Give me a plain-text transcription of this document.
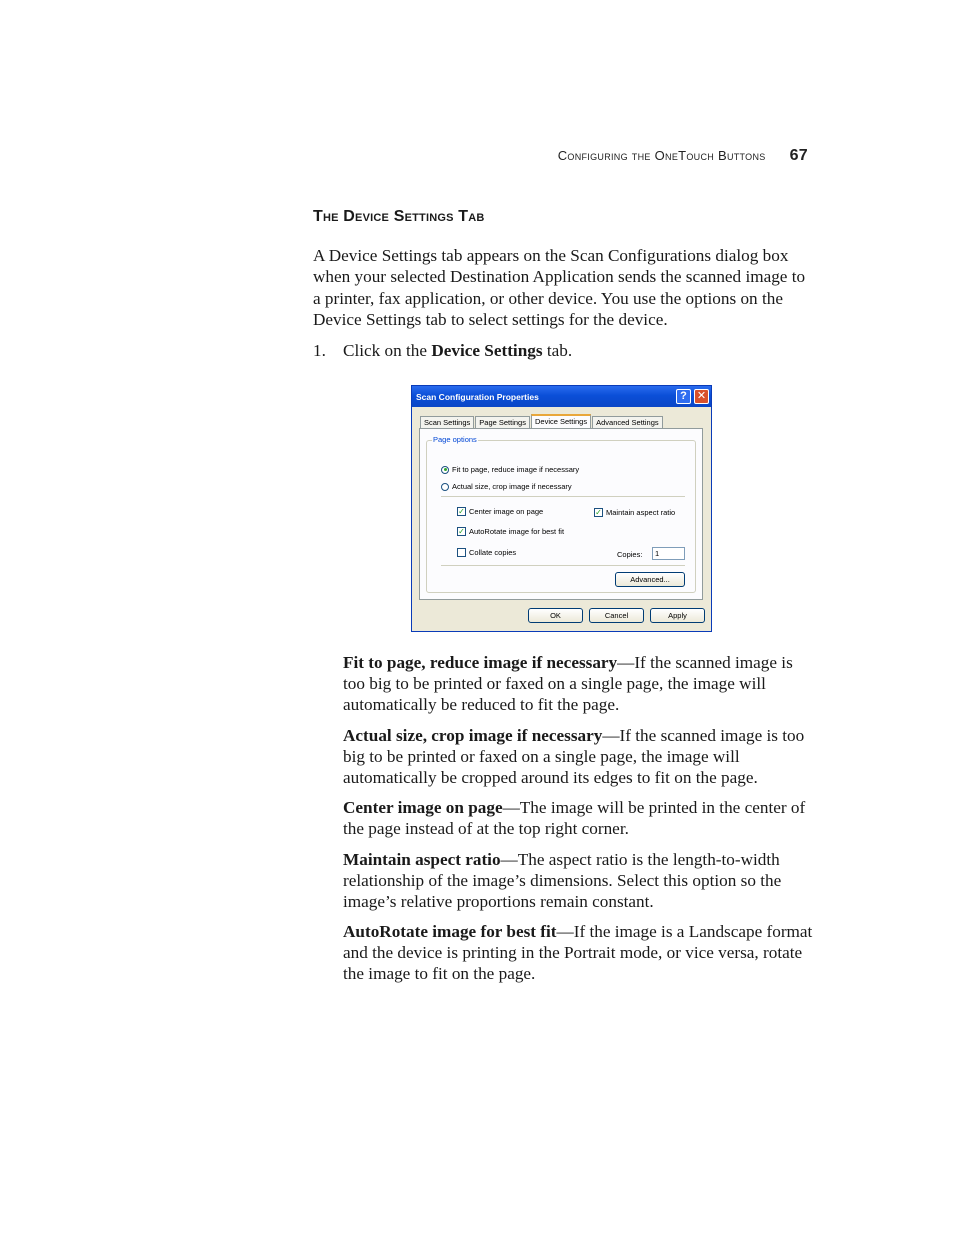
Configuring the OneTouch Buttons 67
The Device Settings Tab

A Device Settings tab appears on the Scan Configurations dialog box when your selected Destination Application sends the scanned image to a printer, fax application, or other device. You use the options on the Device Settings tab to select settings for the device.

1. Click on the Device Settings tab.
Scan Configuration Properties	? ✕
Scan Settings	Page Settings	Device Settings	Advanced Settings
Page options
Fit to page, reduce image if necessary
Actual size, crop image if necessary
✓ Center image on page	✓ Maintain aspect ratio
✓ AutoRotate image for best fit
Collate copies	Copies:	1
Advanced...
OK	Cancel	Apply

Fit to page, reduce image if necessary—If the scanned image is too big to be printed or faxed on a single page, the image will automatically be reduced to fit the page.

Actual size, crop image if necessary—If the scanned image is too big to be printed or faxed on a single page, the image will automatically be cropped around its edges to fit on the page.

Center image on page—The image will be printed in the center of the page instead of at the top right corner.

Maintain aspect ratio—The aspect ratio is the length-to-width relationship of the image’s dimensions. Select this option so the image’s relative proportions remain constant.

AutoRotate image for best fit—If the image is a Landscape format and the device is printing in the Portrait mode, or vice versa, rotate the image to fit on the page.
